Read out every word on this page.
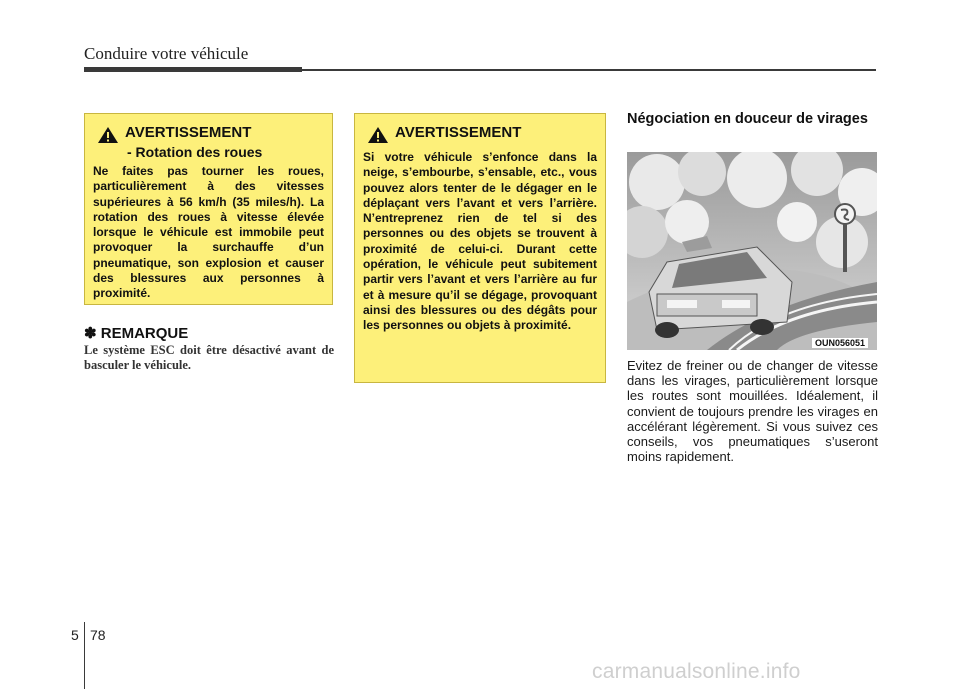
Conduire votre véhicule
AVERTISSEMENT
- Rotation des roues
Ne faites pas tourner les roues, particulièrement à des vitesses supérieures à 56 km/h (35 miles/h). La rotation des roues à vitesse élevée lorsque le véhicule est immobile peut provoquer la surchauffe d’un pneumatique, son explosion et causer des blessures aux personnes à proximité.
✽ REMARQUE
Le système ESC doit être désactivé avant de basculer le véhicule.
AVERTISSEMENT
Si votre véhicule s’enfonce dans la neige, s’embourbe, s’ensable, etc., vous pouvez alors tenter de le dégager en le déplaçant vers l’avant et vers l’arrière. N’entreprenez rien de tel si des personnes ou des objets se trouvent à proximité de celui-ci. Durant cette opération, le véhicule peut subitement partir vers l’avant et vers l’arrière au fur et à mesure qu’il se dégage, provoquant ainsi des blessures ou des dégâts pour les personnes ou objets à proximité.
Négociation en douceur de virages
OUN056051
Evitez de freiner ou de changer de vitesse dans les virages, particulièrement lorsque les routes sont mouillées. Idéalement, il convient de toujours prendre les virages en accélérant légèrement. Si vous suivez ces conseils, vos pneumatiques s’useront moins rapidement.
5 78
carmanualsonline.info
